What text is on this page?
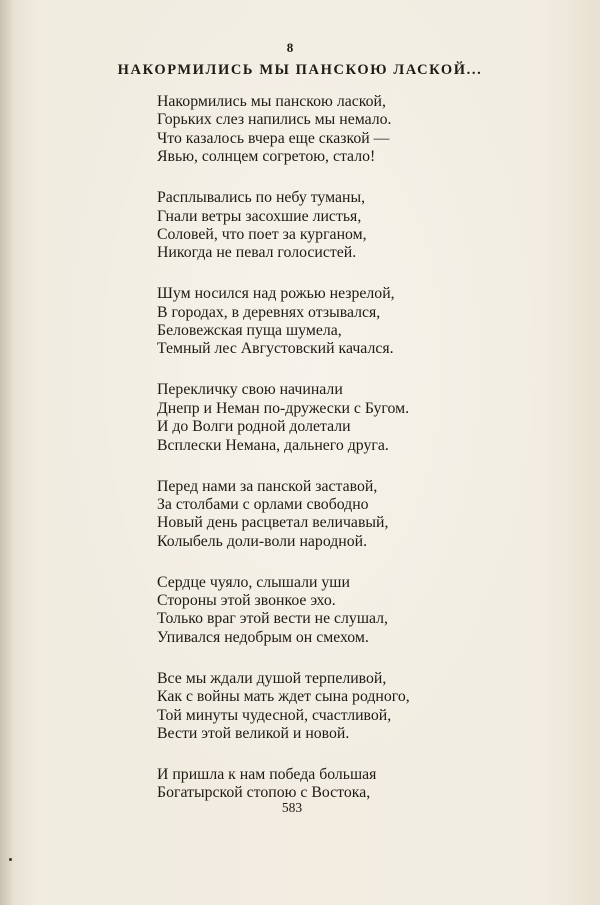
8
НАКОРМИЛИСЬ МЫ ПАНСКОЮ ЛАСКОЙ...
Накормились мы панскою лаской,
Горьких слез напились мы немало.
Что казалось вчера еще сказкой —
Явью, солнцем согретою, стало!
Расплывались по небу туманы,
Гнали ветры засохшие листья,
Соловей, что поет за курганом,
Никогда не певал голосистей.
Шум носился над рожью незрелой,
В городах, в деревнях отзывался,
Беловежская пуща шумела,
Темный лес Августовский качался.
Перекличку свою начинали
Днепр и Неман по-дружески с Бугом.
И до Волги родной долетали
Всплески Немана, дальнего друга.
Перед нами за панской заставой,
За столбами с орлами свободно
Новый день расцветал величавый,
Колыбель доли-воли народной.
Сердце чуяло, слышали уши
Стороны этой звонкое эхо.
Только враг этой вести не слушал,
Упивался недобрым он смехом.
Все мы ждали душой терпеливой,
Как с войны мать ждет сына родного,
Той минуты чудесной, счастливой,
Вести этой великой и новой.
И пришла к нам победа большая
Богатырской стопою с Востока,
583
